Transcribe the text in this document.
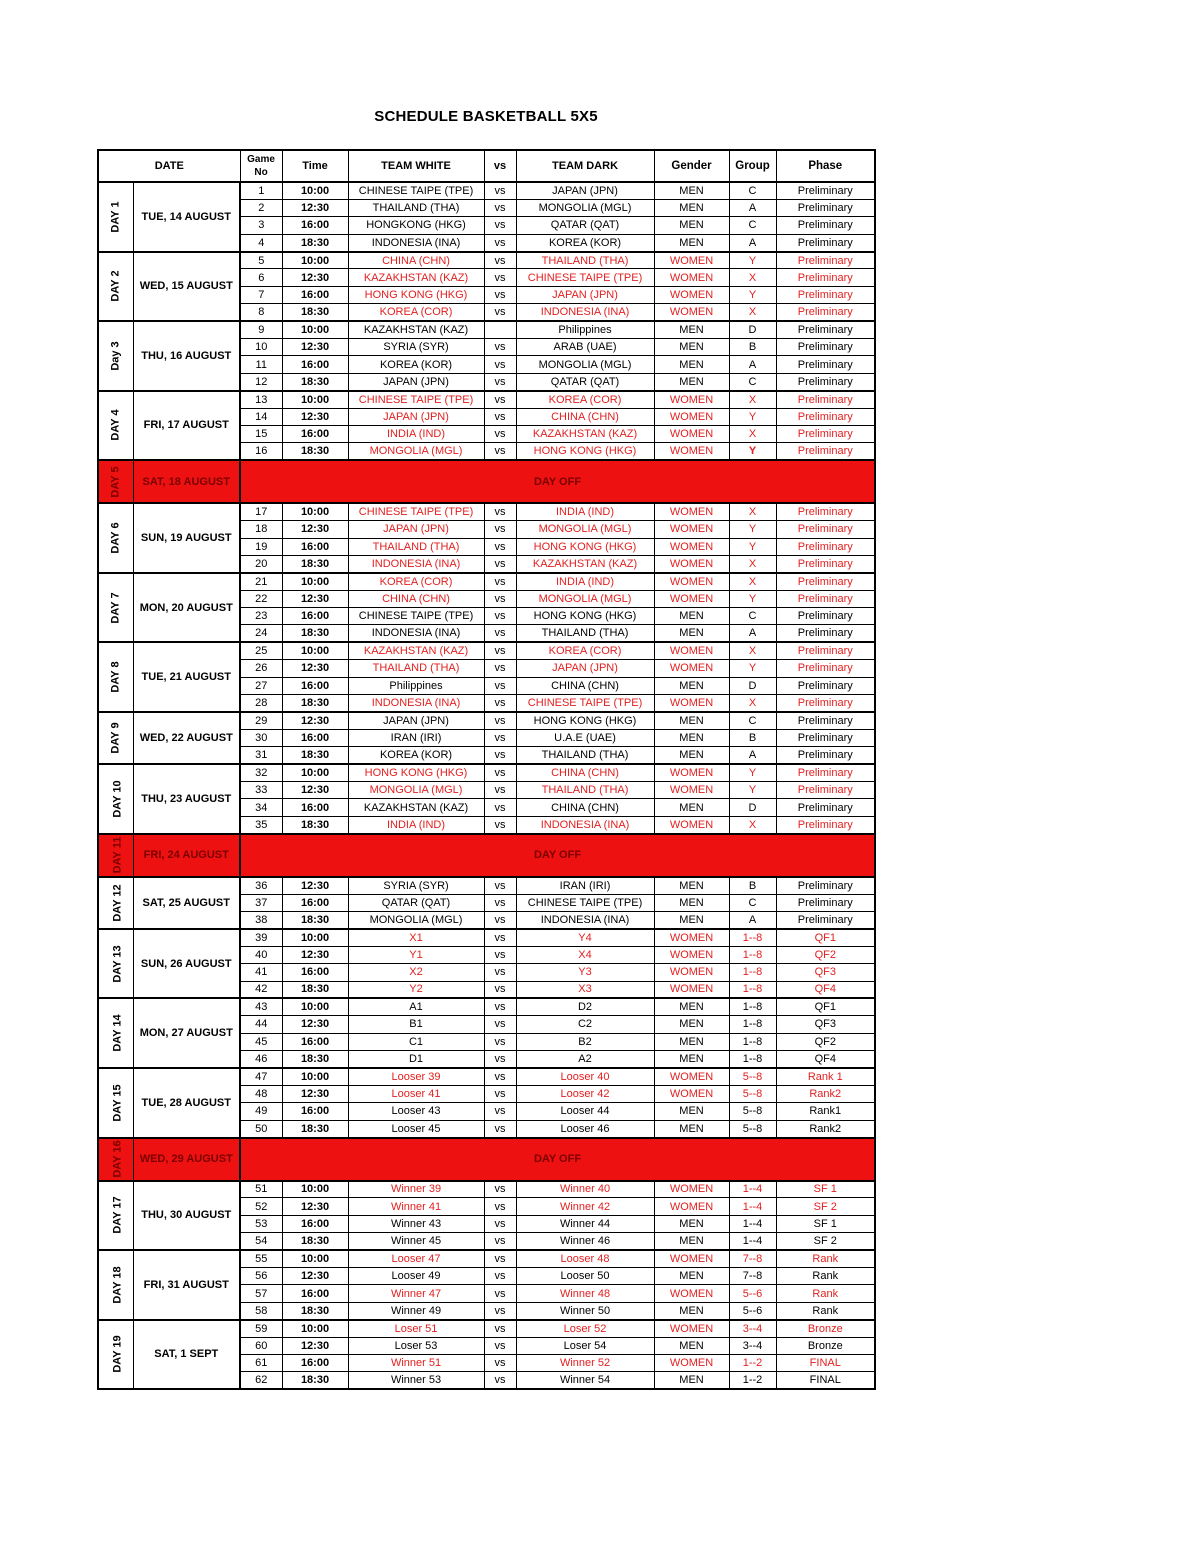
SCHEDULE BASKETBALL 5X5
DATE		Game No	Time	TEAM WHITE	vs	TEAM DARK	Gender	Group	Phase
DAY 1	TUE, 14 AUGUST	1	10:00	CHINESE TAIPE (TPE)	vs	JAPAN (JPN)	MEN	C	Preliminary
		2	12:30	THAILAND (THA)	vs	MONGOLIA (MGL)	MEN	A	Preliminary
		3	16:00	HONGKONG (HKG)	vs	QATAR (QAT)	MEN	C	Preliminary
		4	18:30	INDONESIA (INA)	vs	KOREA (KOR)	MEN	A	Preliminary
DAY 2	WED, 15 AUGUST	5	10:00	CHINA (CHN)	vs	THAILAND (THA)	WOMEN	Y	Preliminary
		6	12:30	KAZAKHSTAN (KAZ)	vs	CHINESE TAIPE (TPE)	WOMEN	X	Preliminary
		7	16:00	HONG KONG (HKG)	vs	JAPAN (JPN)	WOMEN	Y	Preliminary
		8	18:30	KOREA (COR)	vs	INDONESIA (INA)	WOMEN	X	Preliminary
Day 3	THU, 16 AUGUST	9	10:00	KAZAKHSTAN (KAZ)		Philippines	MEN	D	Preliminary
		10	12:30	SYRIA (SYR)	vs	ARAB (UAE)	MEN	B	Preliminary
		11	16:00	KOREA (KOR)	vs	MONGOLIA (MGL)	MEN	A	Preliminary
		12	18:30	JAPAN (JPN)	vs	QATAR (QAT)	MEN	C	Preliminary
DAY 4	FRI, 17 AUGUST	13	10:00	CHINESE TAIPE (TPE)	vs	KOREA (COR)	WOMEN	X	Preliminary
		14	12:30	JAPAN (JPN)	vs	CHINA (CHN)	WOMEN	Y	Preliminary
		15	16:00	INDIA (IND)	vs	KAZAKHSTAN (KAZ)	WOMEN	X	Preliminary
		16	18:30	MONGOLIA (MGL)	vs	HONG KONG (HKG)	WOMEN	Y	Preliminary
DAY 5	SAT, 18 AUGUST	DAY OFF							
DAY 6	SUN, 19 AUGUST	17	10:00	CHINESE TAIPE (TPE)	vs	INDIA (IND)	WOMEN	X	Preliminary
		18	12:30	JAPAN (JPN)	vs	MONGOLIA (MGL)	WOMEN	Y	Preliminary
		19	16:00	THAILAND (THA)	vs	HONG KONG (HKG)	WOMEN	Y	Preliminary
		20	18:30	INDONESIA (INA)	vs	KAZAKHSTAN (KAZ)	WOMEN	X	Preliminary
DAY 7	MON, 20 AUGUST	21	10:00	KOREA (COR)	vs	INDIA (IND)	WOMEN	X	Preliminary
		22	12:30	CHINA (CHN)	vs	MONGOLIA (MGL)	WOMEN	Y	Preliminary
		23	16:00	CHINESE TAIPE (TPE)	vs	HONG KONG (HKG)	MEN	C	Preliminary
		24	18:30	INDONESIA (INA)	vs	THAILAND (THA)	MEN	A	Preliminary
DAY 8	TUE, 21 AUGUST	25	10:00	KAZAKHSTAN (KAZ)	vs	KOREA (COR)	WOMEN	X	Preliminary
		26	12:30	THAILAND (THA)	vs	JAPAN (JPN)	WOMEN	Y	Preliminary
		27	16:00	Philippines	vs	CHINA (CHN)	MEN	D	Preliminary
		28	18:30	INDONESIA (INA)	vs	CHINESE TAIPE (TPE)	WOMEN	X	Preliminary
DAY 9	WED, 22 AUGUST	29	12:30	JAPAN (JPN)	vs	HONG KONG (HKG)	MEN	C	Preliminary
		30	16:00	IRAN (IRI)	vs	U.A.E (UAE)	MEN	B	Preliminary
		31	18:30	KOREA (KOR)	vs	THAILAND (THA)	MEN	A	Preliminary
DAY 10	THU, 23 AUGUST	32	10:00	HONG KONG (HKG)	vs	CHINA (CHN)	WOMEN	Y	Preliminary
		33	12:30	MONGOLIA (MGL)	vs	THAILAND (THA)	WOMEN	Y	Preliminary
		34	16:00	KAZAKHSTAN (KAZ)	vs	CHINA (CHN)	MEN	D	Preliminary
		35	18:30	INDIA (IND)	vs	INDONESIA (INA)	WOMEN	X	Preliminary
DAY 11	FRI, 24 AUGUST	DAY OFF							
DAY 12	SAT, 25 AUGUST	36	12:30	SYRIA (SYR)	vs	IRAN (IRI)	MEN	B	Preliminary
		37	16:00	QATAR (QAT)	vs	CHINESE TAIPE (TPE)	MEN	C	Preliminary
		38	18:30	MONGOLIA (MGL)	vs	INDONESIA (INA)	MEN	A	Preliminary
DAY 13	SUN, 26 AUGUST	39	10:00	X1	vs	Y4	WOMEN	1--8	QF1
		40	12:30	Y1	vs	X4	WOMEN	1--8	QF2
		41	16:00	X2	vs	Y3	WOMEN	1--8	QF3
		42	18:30	Y2	vs	X3	WOMEN	1--8	QF4
DAY 14	MON, 27 AUGUST	43	10:00	A1	vs	D2	MEN	1--8	QF1
		44	12:30	B1	vs	C2	MEN	1--8	QF3
		45	16:00	C1	vs	B2	MEN	1--8	QF2
		46	18:30	D1	vs	A2	MEN	1--8	QF4
DAY 15	TUE, 28 AUGUST	47	10:00	Looser 39	vs	Looser 40	WOMEN	5--8	Rank 1
		48	12:30	Looser 41	vs	Looser 42	WOMEN	5--8	Rank2
		49	16:00	Looser 43	vs	Looser 44	MEN	5--8	Rank1
		50	18:30	Looser 45	vs	Looser 46	MEN	5--8	Rank2
DAY 16	WED, 29 AUGUST	DAY OFF							
DAY 17	THU, 30 AUGUST	51	10:00	Winner 39	vs	Winner 40	WOMEN	1--4	SF 1
		52	12:30	Winner 41	vs	Winner 42	WOMEN	1--4	SF 2
		53	16:00	Winner 43	vs	Winner 44	MEN	1--4	SF 1
		54	18:30	Winner 45	vs	Winner 46	MEN	1--4	SF 2
DAY 18	FRI, 31 AUGUST	55	10:00	Looser 47	vs	Looser 48	WOMEN	7--8	Rank
		56	12:30	Looser 49	vs	Looser 50	MEN	7--8	Rank
		57	16:00	Winner 47	vs	Winner 48	WOMEN	5--6	Rank
		58	18:30	Winner 49	vs	Winner 50	MEN	5--6	Rank
DAY 19	SAT, 1 SEPT	59	10:00	Loser 51	vs	Loser 52	WOMEN	3--4	Bronze
		60	12:30	Loser 53	vs	Loser 54	MEN	3--4	Bronze
		61	16:00	Winner 51	vs	Winner 52	WOMEN	1--2	FINAL
		62	18:30	Winner 53	vs	Winner 54	MEN	1--2	FINAL
